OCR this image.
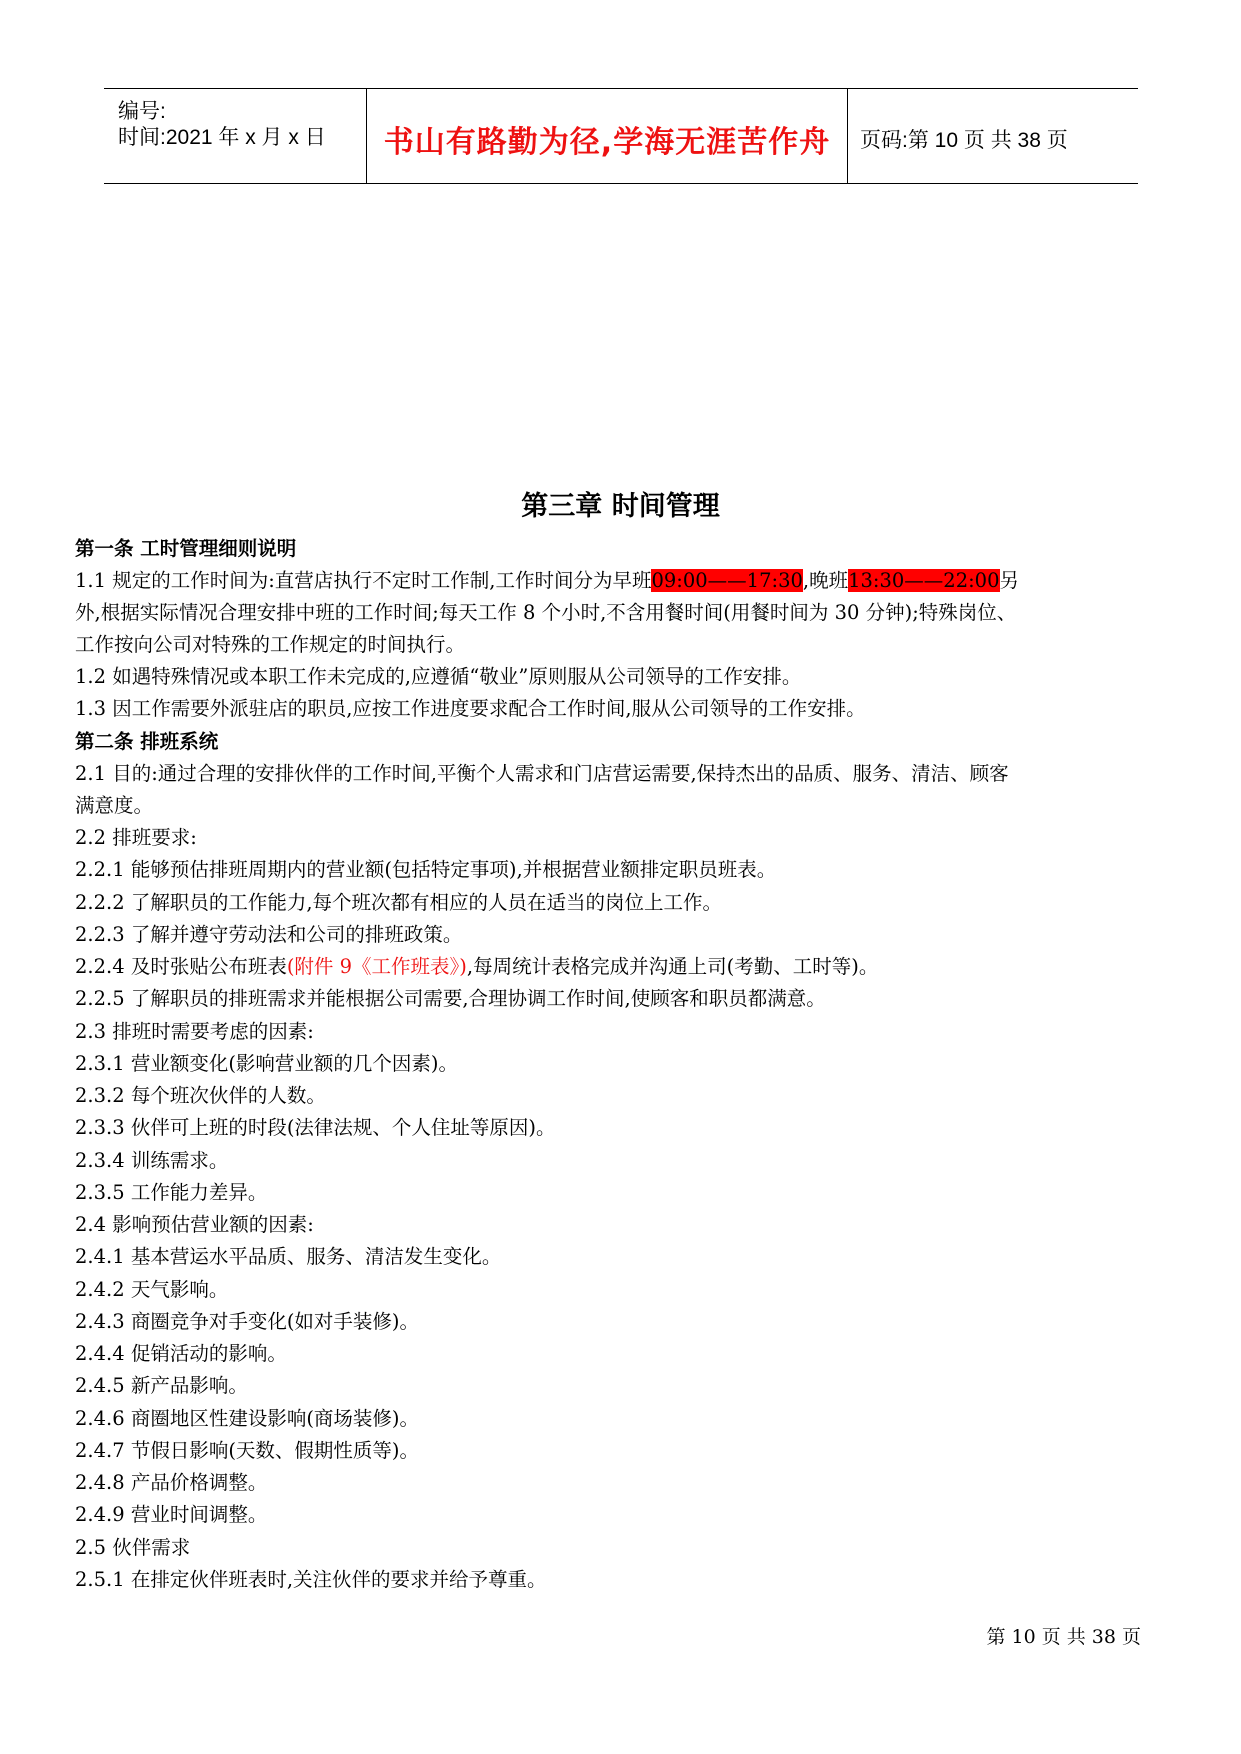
编号:
时间:2021 年 x 月 x 日	书山有路勤为径,学海无涯苦作舟	页码:第 10 页 共 38 页
第三章 时间管理
第一条 工时管理细则说明
1.1 规定的工作时间为:直营店执行不定时工作制,工作时间分为早班09:00——17:30,晚班13:30——22:00另
外,根据实际情况合理安排中班的工作时间;每天工作 8 个小时,不含用餐时间(用餐时间为 30 分钟);特殊岗位、
工作按向公司对特殊的工作规定的时间执行。
1.2 如遇特殊情况或本职工作未完成的,应遵循“敬业”原则服从公司领导的工作安排。
1.3 因工作需要外派驻店的职员,应按工作进度要求配合工作时间,服从公司领导的工作安排。
第二条 排班系统
2.1 目的:通过合理的安排伙伴的工作时间,平衡个人需求和门店营运需要,保持杰出的品质、服务、清洁、顾客
满意度。
2.2 排班要求:
2.2.1 能够预估排班周期内的营业额(包括特定事项),并根据营业额排定职员班表。
2.2.2 了解职员的工作能力,每个班次都有相应的人员在适当的岗位上工作。
2.2.3 了解并遵守劳动法和公司的排班政策。
2.2.4 及时张贴公布班表(附件 9《工作班表》),每周统计表格完成并沟通上司(考勤、工时等)。
2.2.5 了解职员的排班需求并能根据公司需要,合理协调工作时间,使顾客和职员都满意。
2.3 排班时需要考虑的因素:
2.3.1 营业额变化(影响营业额的几个因素)。
2.3.2 每个班次伙伴的人数。
2.3.3 伙伴可上班的时段(法律法规、个人住址等原因)。
2.3.4 训练需求。
2.3.5 工作能力差异。
2.4 影响预估营业额的因素:
2.4.1 基本营运水平品质、服务、清洁发生变化。
2.4.2 天气影响。
2.4.3 商圈竞争对手变化(如对手装修)。
2.4.4 促销活动的影响。
2.4.5 新产品影响。
2.4.6 商圈地区性建设影响(商场装修)。
2.4.7 节假日影响(天数、假期性质等)。
2.4.8 产品价格调整。
2.4.9 营业时间调整。
2.5 伙伴需求
2.5.1 在排定伙伴班表时,关注伙伴的要求并给予尊重。
第 10 页 共 38 页
